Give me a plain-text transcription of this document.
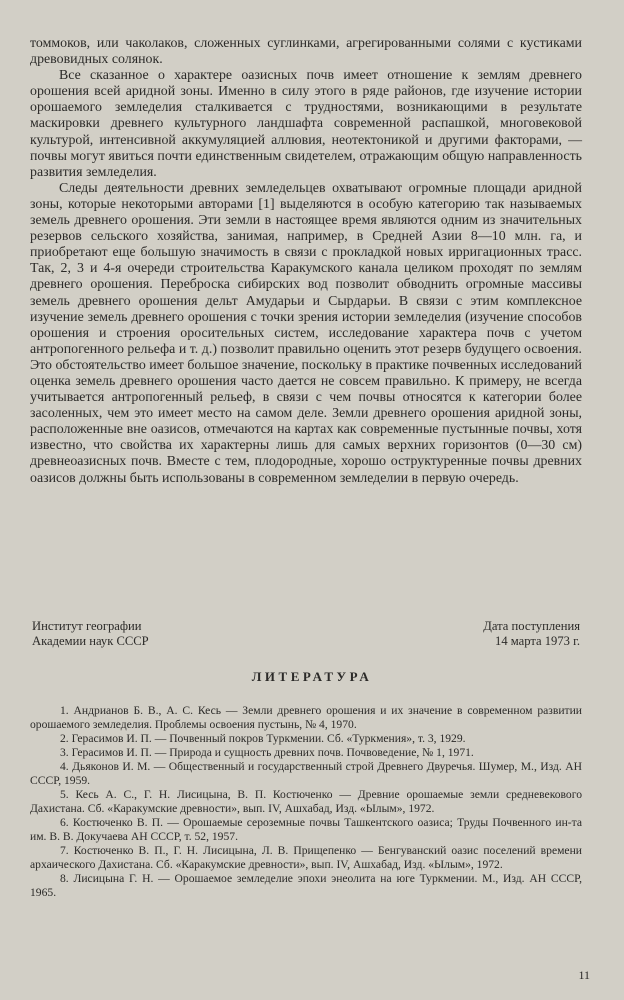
томмоков, или чаколаков, сложенных суглинками, агрегированными солями с кустиками древовидных солянок.

Все сказанное о характере оазисных почв имеет отношение к землям древнего орошения всей аридной зоны. Именно в силу этого в ряде районов, где изучение истории орошаемого земледелия сталкивается с трудностями, возникающими в результате маскировки древнего культурного ландшафта современной распашкой, многовековой культурой, интенсивной аккумуляцией аллювия, неотектоникой и другими факторами, — почвы могут явиться почти единственным свидетелем, отражающим общую направленность развития земледелия.

Следы деятельности древних земледельцев охватывают огромные площади аридной зоны, которые некоторыми авторами [1] выделяются в особую категорию так называемых земель древнего орошения. Эти земли в настоящее время являются одним из значительных резервов сельского хозяйства, занимая, например, в Средней Азии 8—10 млн. га, и приобретают еще большую значимость в связи с прокладкой новых ирригационных трасс. Так, 2, 3 и 4-я очереди строительства Каракумского канала целиком проходят по землям древнего орошения. Переброска сибирских вод позволит обводнить огромные массивы земель древнего орошения дельт Амударьи и Сырдарьи. В связи с этим комплексное изучение земель древнего орошения с точки зрения истории земледелия (изучение способов орошения и строения оросительных систем, исследование характера почв с учетом антропогенного рельефа и т. д.) позволит правильно оценить этот резерв будущего освоения. Это обстоятельство имеет большое значение, поскольку в практике почвенных исследований оценка земель древнего орошения часто дается не совсем правильно. К примеру, не всегда учитывается антропогенный рельеф, в связи с чем почвы относятся к категории более засоленных, чем это имеет место на самом деле. Земли древнего орошения аридной зоны, расположенные вне оазисов, отмечаются на картах как современные пустынные почвы, хотя известно, что свойства их характерны лишь для самых верхних горизонтов (0—30 см) древнеоазисных почв. Вместе с тем, плодородные, хорошо оструктуренные почвы древних оазисов должны быть использованы в современном земледелии в первую очередь.

Институт географии
Академии наук СССР
Дата поступления
14 марта 1973 г.
ЛИТЕРАТУРА
1. Андрианов Б. В., А. С. Кесь — Земли древнего орошения и их значение в современном развитии орошаемого земледелия. Проблемы освоения пустынь, № 4, 1970.
2. Герасимов И. П. — Почвенный покров Туркмении. Сб. «Туркмения», т. 3, 1929.
3. Герасимов И. П. — Природа и сущность древних почв. Почвоведение, № 1, 1971.
4. Дьяконов И. М. — Общественный и государственный строй Древнего Двуречья. Шумер, М., Изд. АН СССР, 1959.
5. Кесь А. С., Г. Н. Лисицына, В. П. Костюченко — Древние орошаемые земли средневекового Дахистана. Сб. «Каракумские древности», вып. IV, Ашхабад, Изд. «Ылым», 1972.
6. Костюченко В. П. — Орошаемые сероземные почвы Ташкентского оазиса; Труды Почвенного ин-та им. В. В. Докучаева АН СССР, т. 52, 1957.
7. Костюченко В. П., Г. Н. Лисицына, Л. В. Прищепенко — Бенгуванский оазис поселений времени архаического Дахистана. Сб. «Каракумские древности», вып. IV, Ашхабад, Изд. «Ылым», 1972.
8. Лисицына Г. Н. — Орошаемое земледелие эпохи энеолита на юге Туркмении. М., Изд. АН СССР, 1965.
11
